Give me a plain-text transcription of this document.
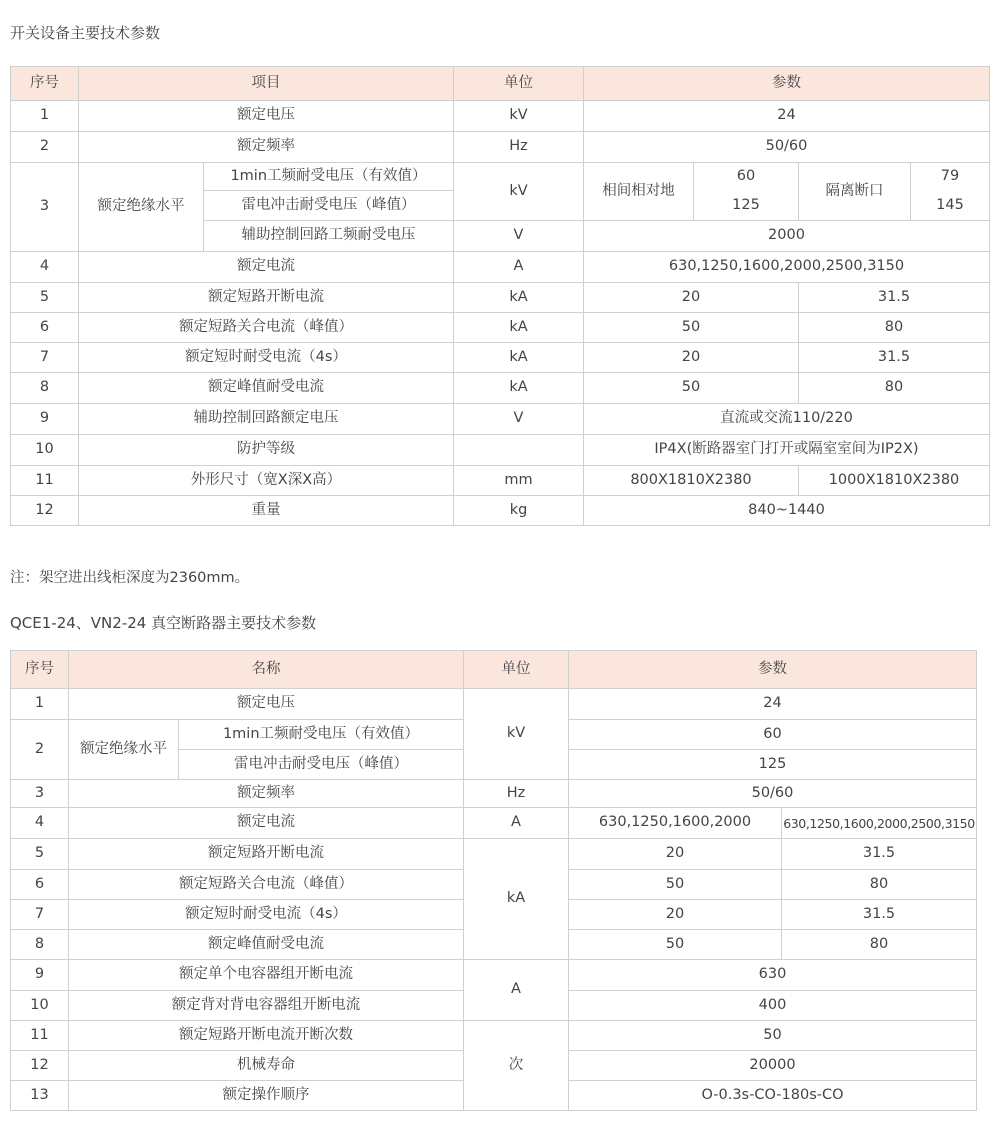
开关设备主要技术参数
序号	项目		单位	参数			
1	额定电压		kV	24			
2	额定频率		Hz	50/60			
3	额定绝缘水平	1min工频耐受电压（有效值）	kV	相间相对地	60	隔离断口	79
		雷电冲击耐受电压（峰值）			125		145
		辅助控制回路工频耐受电压	V	2000			
4	额定电流		A	630,1250,1600,2000,2500,3150			
5	额定短路开断电流		kA	20		31.5	
6	额定短路关合电流（峰值）		kA	50		80	
7	额定短时耐受电流（4s）		kA	20		31.5	
8	额定峰值耐受电流		kA	50		80	
9	辅助控制回路额定电压		V	直流或交流110/220			
10	防护等级			IP4X(断路器室门打开或隔室室间为IP2X)			
11	外形尺寸（宽X深X高）		mm	800X1810X2380		1000X1810X2380	
12	重量		kg	840~1440			
注：架空进出线柜深度为2360mm。
QCE1-24、VN2-24 真空断路器主要技术参数
序号	名称		单位	参数	
1	额定电压		kV	24	
2	额定绝缘水平	1min工频耐受电压（有效值）		60	
		雷电冲击耐受电压（峰值）		125	
3	额定频率		Hz	50/60	
4	额定电流		A	630,1250,1600,2000	630,1250,1600,2000,2500,3150
5	额定短路开断电流		kA	20	31.5
6	额定短路关合电流（峰值）			50	80
7	额定短时耐受电流（4s）			20	31.5
8	额定峰值耐受电流			50	80
9	额定单个电容器组开断电流		A	630	
10	额定背对背电容器组开断电流			400	
11	额定短路开断电流开断次数		次	50	
12	机械寿命			20000	
13	额定操作顺序			O-0.3s-CO-180s-CO	
